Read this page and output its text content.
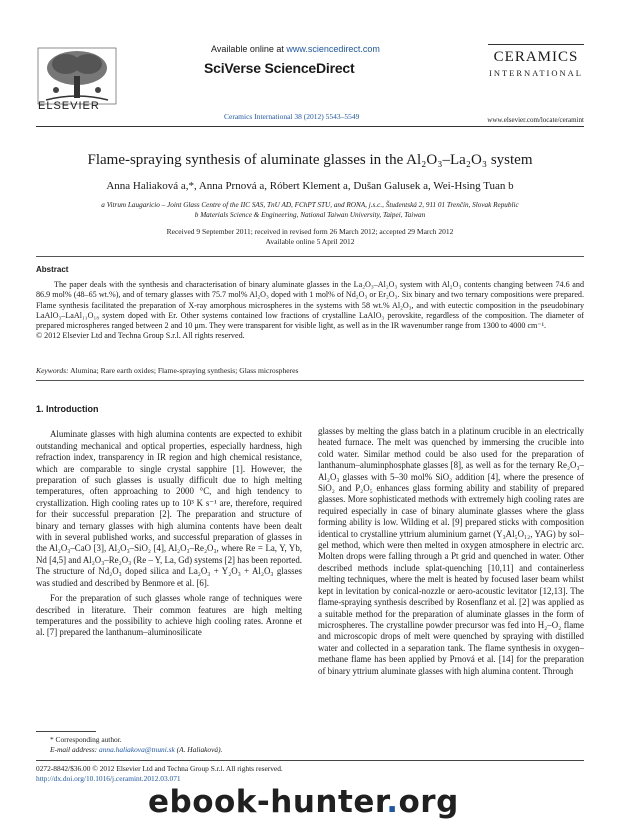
ELSEVIER
Available online at www.sciencedirect.com
SciVerse ScienceDirect
Ceramics International 38 (2012) 5543–5549
CERAMICS
INTERNATIONAL
www.elsevier.com/locate/ceramint
Flame-spraying synthesis of aluminate glasses in the Al₂O₃–La₂O₃ system
Anna Haliaková a,*, Anna Prnová a, Róbert Klement a, Dušan Galusek a, Wei-Hsing Tuan b
a Vitrum Laugaricio – Joint Glass Centre of the IIC SAS, TnU AD, FChPT STU, and RONA, j.s.c., Študentská 2, 911 01 Trenčín, Slovak Republic
b Materials Science & Engineering, National Taiwan University, Taipei, Taiwan
Received 9 September 2011; received in revised form 26 March 2012; accepted 29 March 2012
Available online 5 April 2012
Abstract
The paper deals with the synthesis and characterisation of binary aluminate glasses in the La₂O₃–Al₂O₃ system with Al₂O₃ contents changing between 74.6 and 86.9 mol% (48–65 wt.%), and of ternary glasses with 75.7 mol% Al₂O₃ doped with 1 mol% of Nd₂O₃ or Er₂O₃. Six binary and two ternary compositions were prepared. Flame synthesis facilitated the preparation of X-ray amorphous microspheres in the systems with 58 wt.% Al₂O₃, and with eutectic composition in the pseudobinary LaAlO₃–LaAl₁₁O₁₈ system doped with Er. Other systems contained low fractions of crystalline LaAlO₃ perovskite, regardless of the composition. The diameter of prepared microspheres ranged between 2 and 10 μm. They were transparent for visible light, as well as in the IR wavenumber range from 1300 to 4000 cm⁻¹.
© 2012 Elsevier Ltd and Techna Group S.r.l. All rights reserved.
Keywords: Alumina; Rare earth oxides; Flame-spraying synthesis; Glass microspheres
1. Introduction

Aluminate glasses with high alumina contents are expected to exhibit outstanding mechanical and optical properties, especially hardness, high refraction index, transparency in IR region and high chemical resistance, which are comparable to single crystal sapphire [1]. However, the preparation of such glasses is usually difficult due to high melting temperatures, often approaching to 2000 °C, and high tendency to crystallization. High cooling rates up to 10³ K s⁻¹ are, therefore, required for their successful preparation [2]. The preparation and structure of binary and ternary glasses with high alumina contents have been dealt with in several published works, and successful preparation of glasses in the Al₂O₃–CaO [3], Al₂O₃–SiO₂ [4], Al₂O₃–Re₂O₃, where Re = La, Y, Yb, Nd [4,5] and Al₂O₃–Re₂O₃ (Re – Y, La, Gd) systems [2] has been reported. The structure of Nd₂O₃ doped silica and La₂O₃ + Y₂O₃ + Al₂O₃ glasses was studied and described by Benmore et al. [6].

For the preparation of such glasses whole range of techniques were described in literature. Their common features are high melting temperatures and the possibility to achieve high cooling rates. Aronne et al. [7] prepared the lanthanum–aluminosilicate

glasses by melting the glass batch in a platinum crucible in an electrically heated furnace. The melt was quenched by immersing the crucible into cold water. Similar method could be also used for the preparation of lanthanum–aluminphosphate glasses [8], as well as for the ternary Re₂O₃–Al₂O₃ glasses with 5–30 mol% SiO₂ addition [4], where the presence of SiO₂ and P₂O₅ enhances glass forming ability and stability of prepared glasses. More sophisticated methods with extremely high cooling rates are required especially in case of binary aluminate glasses where the glass forming ability is low. Wilding et al. [9] prepared sticks with composition identical to crystalline yttrium aluminium garnet (Y₃Al₅O₁₂, YAG) by sol–gel method, which were then melted in oxygen atmosphere in electric arc. Molten drops were falling through a Pt grid and quenched in water. Other described methods include splat-quenching [10,11] and containerless melting techniques, where the melt is heated by focused laser beam whilst kept in levitation by conical-nozzle or aero-acoustic levitator [12,13]. The flame-spraying synthesis described by Rosenflanz et al. [2] was applied as a suitable method for the preparation of aluminate glasses in the form of microspheres. The crystalline powder precursor was fed into H₂–O₂ flame and microscopic drops of melt were quenched by spraying with distilled water and collected in a separation tank. The flame synthesis in oxygen–methane flame has been applied by Prnová et al. [14] for the preparation of binary yttrium aluminate glasses with high alumina content. Through

* Corresponding author.
E-mail address: anna.haliakova@tnuni.sk (A. Haliaková).
0272-8842/$36.00 © 2012 Elsevier Ltd and Techna Group S.r.l. All rights reserved.
http://dx.doi.org/10.1016/j.ceramint.2012.03.071
ebook-hunter.org
